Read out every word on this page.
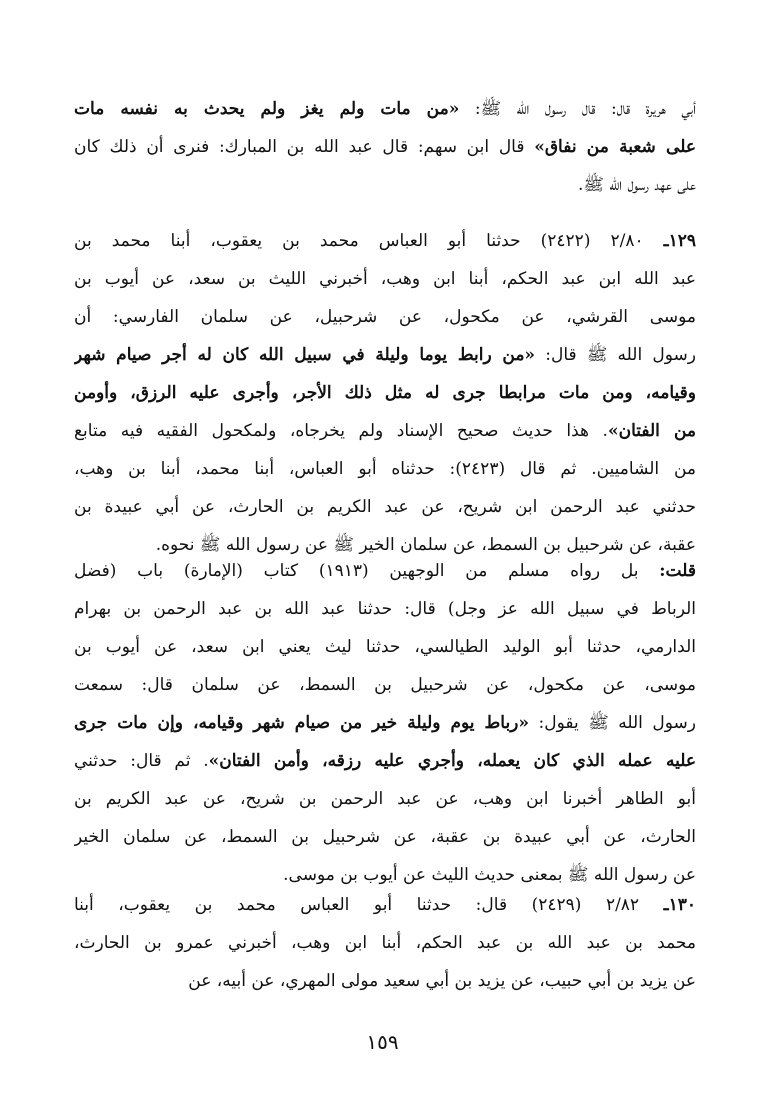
أبي هريرة قال: قال رسول الله ﷺ: «من مات ولم يغز ولم يحدث به نفسه مات
على شعبة من نفاق» قال ابن سهم: قال عبد الله بن المبارك: فنرى أن ذلك كان
على عهد رسول الله ﷺ.
١٢٩ـ ٢/٨٠ (٢٤٢٢) حدثنا أبو العباس محمد بن يعقوب، أبنا محمد بن
عبد الله ابن عبد الحكم، أبنا ابن وهب، أخبرني الليث بن سعد، عن أيوب بن
موسى القرشي، عن مكحول، عن شرحبيل، عن سلمان الفارسي: أن
رسول الله ﷺ قال: «من رابط يوما وليلة في سبيل الله كان له أجر صيام شهر
وقيامه، ومن مات مرابطا جرى له مثل ذلك الأجر، وأجرى عليه الرزق، وأومن
من الفتان». هذا حديث صحيح الإسناد ولم يخرجاه، ولمكحول الفقيه فيه متابع
من الشاميين. ثم قال (٢٤٢٣): حدثناه أبو العباس، أبنا محمد، أبنا بن وهب،
حدثني عبد الرحمن ابن شريح، عن عبد الكريم بن الحارث، عن أبي عبيدة بن
عقبة، عن شرحبيل بن السمط، عن سلمان الخير ﷺ عن رسول الله ﷺ نحوه.
قلت: بل رواه مسلم من الوجهين (١٩١٣) كتاب (الإمارة) باب (فضل
الرباط في سبيل الله عز وجل) قال: حدثنا عبد الله بن عبد الرحمن بن بهرام
الدارمي، حدثنا أبو الوليد الطيالسي، حدثنا ليث يعني ابن سعد، عن أيوب بن
موسى، عن مكحول، عن شرحبيل بن السمط، عن سلمان قال: سمعت
رسول الله ﷺ يقول: «رباط يوم وليلة خير من صيام شهر وقيامه، وإن مات جرى
عليه عمله الذي كان يعمله، وأجري عليه رزقه، وأمن الفتان». ثم قال: حدثني
أبو الطاهر أخبرنا ابن وهب، عن عبد الرحمن بن شريح، عن عبد الكريم بن
الحارث، عن أبي عبيدة بن عقبة، عن شرحبيل بن السمط، عن سلمان الخير
عن رسول الله ﷺ بمعنى حديث الليث عن أيوب بن موسى.
١٣٠ـ ٢/٨٢ (٢٤٢٩) قال: حدثنا أبو العباس محمد بن يعقوب، أبنا
محمد بن عبد الله بن عبد الحكم، أبنا ابن وهب، أخبرني عمرو بن الحارث،
عن يزيد بن أبي حبيب، عن يزيد بن أبي سعيد مولى المهري، عن أبيه، عن
١٥٩
